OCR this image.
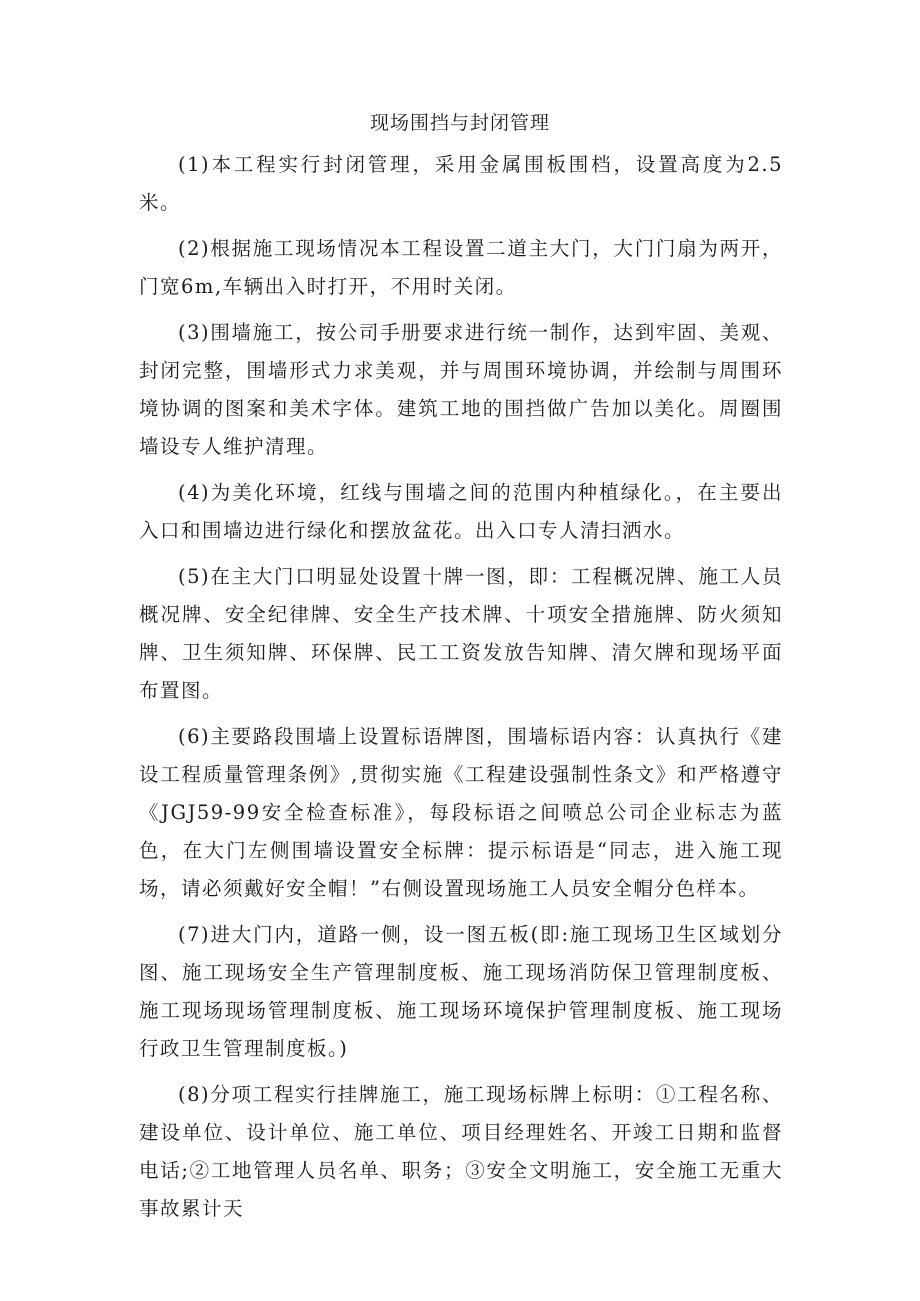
现场围挡与封闭管理

(1)本工程实行封闭管理，采用金属围板围档，设置高度为2.5米。

(2)根据施工现场情况本工程设置二道主大门，大门门扇为两开，门宽6m,车辆出入时打开，不用时关闭。

(3)围墙施工，按公司手册要求进行统一制作，达到牢固、美观、封闭完整，围墙形式力求美观，并与周围环境协调，并绘制与周围环境协调的图案和美术字体。建筑工地的围挡做广告加以美化。周圈围墙设专人维护清理。

(4)为美化环境，红线与围墙之间的范围内种植绿化。，在主要出入口和围墙边进行绿化和摆放盆花。出入口专人清扫洒水。

(5)在主大门口明显处设置十牌一图，即：工程概况牌、施工人员概况牌、安全纪律牌、安全生产技术牌、十项安全措施牌、防火须知牌、卫生须知牌、环保牌、民工工资发放告知牌、清欠牌和现场平面布置图。

(6)主要路段围墙上设置标语牌图，围墙标语内容：认真执行《建设工程质量管理条例》,贯彻实施《工程建设强制性条文》和严格遵守《JGJ59-99安全检查标准》，每段标语之间喷总公司企业标志为蓝色，在大门左侧围墙设置安全标牌：提示标语是“同志，进入施工现场，请必须戴好安全帽！”右侧设置现场施工人员安全帽分色样本。

(7)进大门内，道路一侧，设一图五板(即:施工现场卫生区域划分图、施工现场安全生产管理制度板、施工现场消防保卫管理制度板、施工现场现场管理制度板、施工现场环境保护管理制度板、施工现场行政卫生管理制度板。)

(8)分项工程实行挂牌施工，施工现场标牌上标明：①工程名称、建设单位、设计单位、施工单位、项目经理姓名、开竣工日期和监督电话;②工地管理人员名单、职务；③安全文明施工，安全施工无重大事故累计天
